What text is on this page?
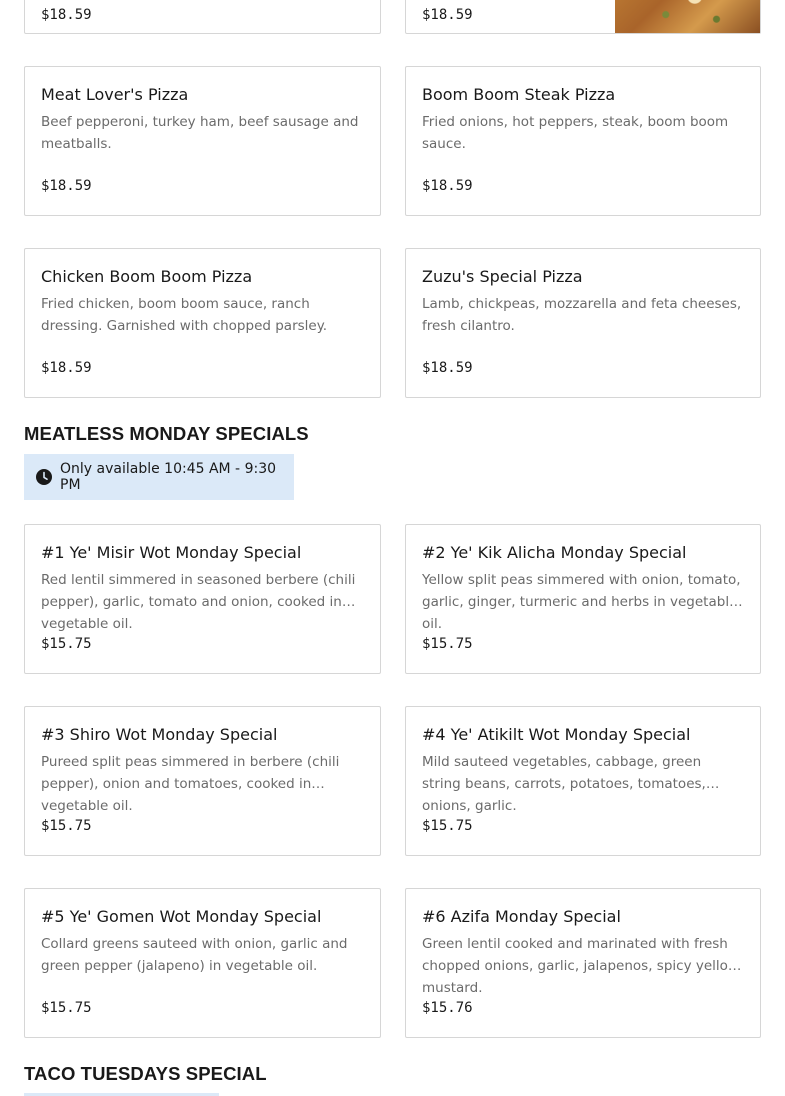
$18.59	$18.59
Meat Lover's Pizza
Beef pepperoni, turkey ham, beef sausage and meatballs.
$18.59
Boom Boom Steak Pizza
Fried onions, hot peppers, steak, boom boom sauce.
$18.59
Chicken Boom Boom Pizza
Fried chicken, boom boom sauce, ranch dressing. Garnished with chopped parsley.
$18.59
Zuzu's Special Pizza
Lamb, chickpeas, mozzarella and feta cheeses, fresh cilantro.
$18.59
MEATLESS MONDAY SPECIALS
Only available 10:45 AM - 9:30 PM
#1 Ye' Misir Wot Monday Special
Red lentil simmered in seasoned berbere (chili pepper), garlic, tomato and onion, cooked in vegetable oil.
$15.75
#2 Ye' Kik Alicha Monday Special
Yellow split peas simmered with onion, tomato, garlic, ginger, turmeric and herbs in vegetable oil.
$15.75
#3 Shiro Wot Monday Special
Pureed split peas simmered in berbere (chili pepper), onion and tomatoes, cooked in vegetable oil.
$15.75
#4 Ye' Atikilt Wot Monday Special
Mild sauteed vegetables, cabbage, green string beans, carrots, potatoes, tomatoes, onions, garlic.
$15.75
#5 Ye' Gomen Wot Monday Special
Collard greens sauteed with onion, garlic and green pepper (jalapeno) in vegetable oil.
$15.75
#6 Azifa Monday Special
Green lentil cooked and marinated with fresh chopped onions, garlic, jalapenos, spicy yellow mustard.
$15.76
TACO TUESDAYS SPECIAL
